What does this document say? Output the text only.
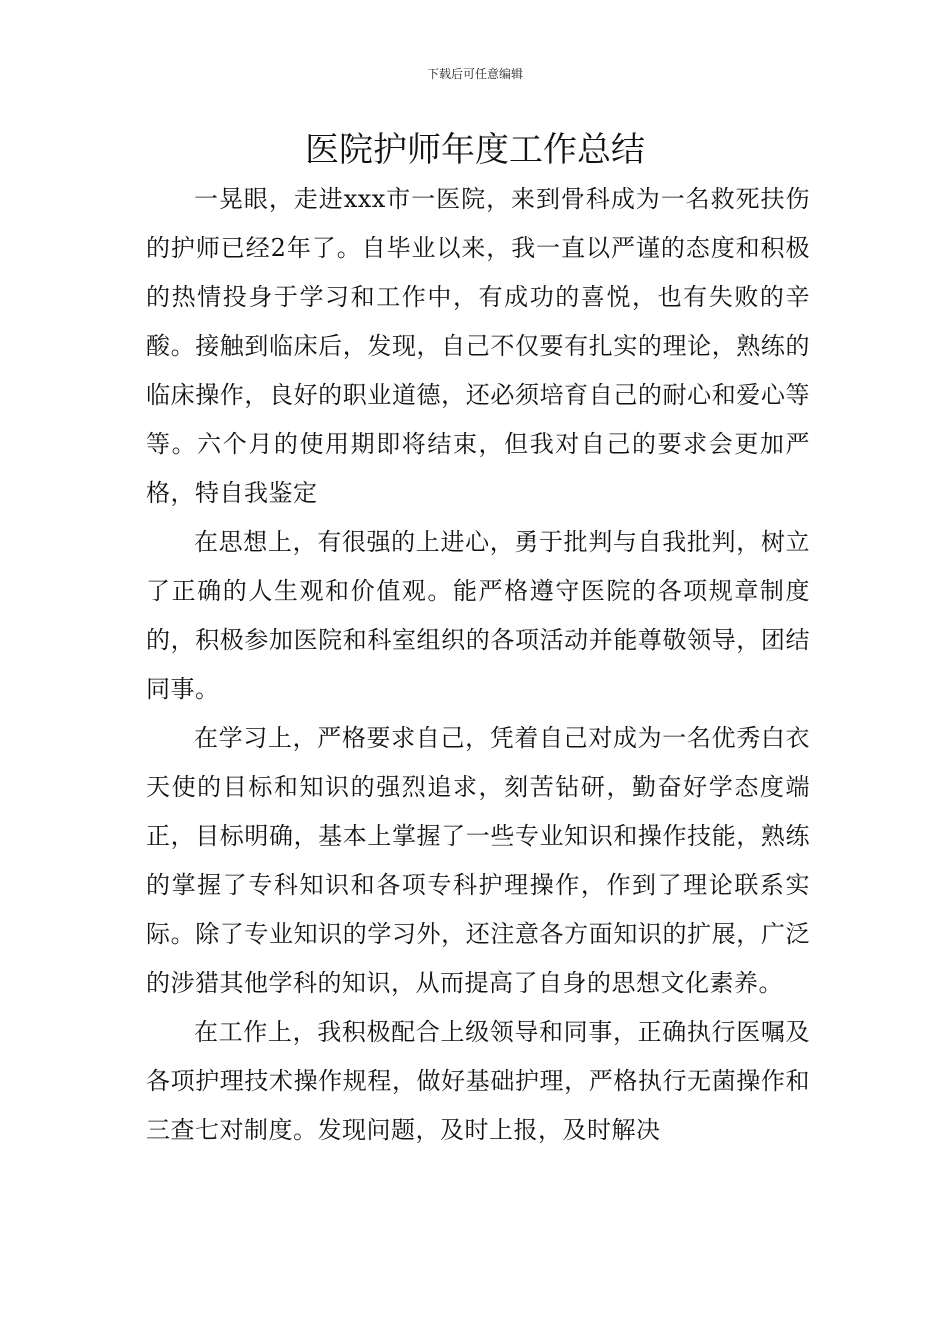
下载后可任意编辑
医院护师年度工作总结

一晃眼，走进xxx市一医院，来到骨科成为一名救死扶伤的护师已经2年了。自毕业以来，我一直以严谨的态度和积极的热情投身于学习和工作中，有成功的喜悦，也有失败的辛酸。接触到临床后，发现，自己不仅要有扎实的理论，熟练的临床操作，良好的职业道德，还必须培育自己的耐心和爱心等等。六个月的使用期即将结束，但我对自己的要求会更加严格，特自我鉴定

在思想上，有很强的上进心，勇于批判与自我批判，树立了正确的人生观和价值观。能严格遵守医院的各项规章制度的，积极参加医院和科室组织的各项活动并能尊敬领导，团结同事。

在学习上，严格要求自己，凭着自己对成为一名优秀白衣天使的目标和知识的强烈追求，刻苦钻研，勤奋好学态度端正，目标明确，基本上掌握了一些专业知识和操作技能，熟练的掌握了专科知识和各项专科护理操作，作到了理论联系实际。除了专业知识的学习外，还注意各方面知识的扩展，广泛的涉猎其他学科的知识，从而提高了自身的思想文化素养。

在工作上，我积极配合上级领导和同事，正确执行医嘱及各项护理技术操作规程，做好基础护理，严格执行无菌操作和三查七对制度。发现问题，及时上报，及时解决
